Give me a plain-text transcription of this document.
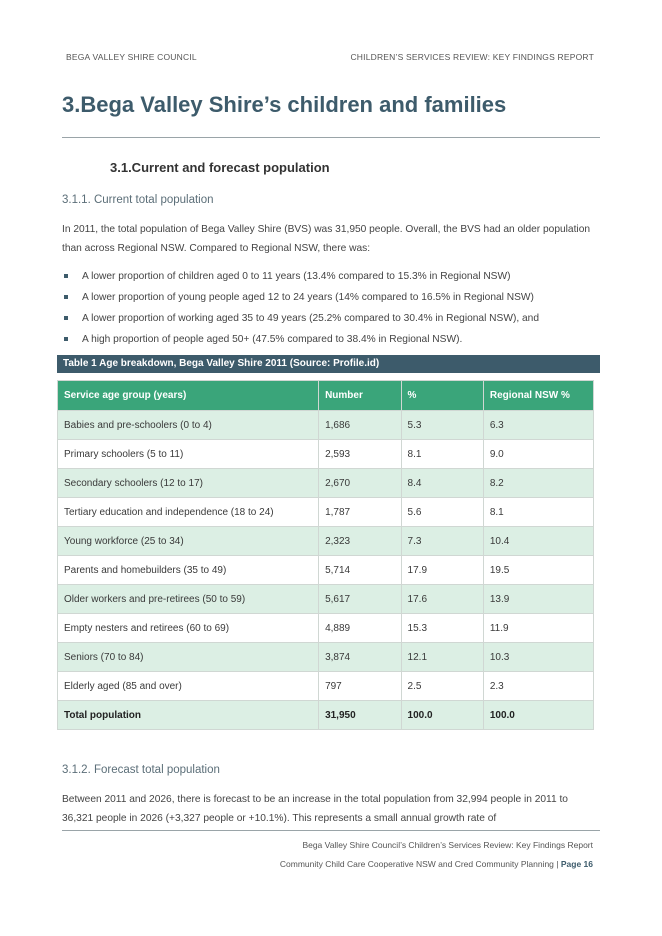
BEGA VALLEY SHIRE COUNCIL	CHILDREN’S SERVICES REVIEW: KEY FINDINGS REPORT
3.Bega Valley Shire’s children and families
3.1.Current and forecast population
3.1.1. Current total population
In 2011, the total population of Bega Valley Shire (BVS) was 31,950 people. Overall, the BVS had an older population than across Regional NSW. Compared to Regional NSW, there was:
A lower proportion of children aged 0 to 11 years (13.4% compared to 15.3% in Regional NSW)
A lower proportion of young people aged 12 to 24 years (14% compared to 16.5% in Regional NSW)
A lower proportion of working aged 35 to 49 years (25.2% compared to 30.4% in Regional NSW), and
A high proportion of people aged 50+ (47.5% compared to 38.4% in Regional NSW).
Table 1 Age breakdown, Bega Valley Shire 2011 (Source: Profile.id)
Service age group (years)	Number	%	Regional NSW %
Babies and pre-schoolers (0 to 4)	1,686	5.3	6.3
Primary schoolers (5 to 11)	2,593	8.1	9.0
Secondary schoolers (12 to 17)	2,670	8.4	8.2
Tertiary education and independence (18 to 24)	1,787	5.6	8.1
Young workforce (25 to 34)	2,323	7.3	10.4
Parents and homebuilders (35 to 49)	5,714	17.9	19.5
Older workers and pre-retirees (50 to 59)	5,617	17.6	13.9
Empty nesters and retirees (60 to 69)	4,889	15.3	11.9
Seniors (70 to 84)	3,874	12.1	10.3
Elderly aged (85 and over)	797	2.5	2.3
Total population	31,950	100.0	100.0
3.1.2. Forecast total population
Between 2011 and 2026, there is forecast to be an increase in the total population from 32,994 people in 2011 to 36,321 people in 2026 (+3,327 people or +10.1%). This represents a small annual growth rate of
Bega Valley Shire Council’s Children’s Services Review: Key Findings Report
Community Child Care Cooperative NSW and Cred Community Planning | Page 16
